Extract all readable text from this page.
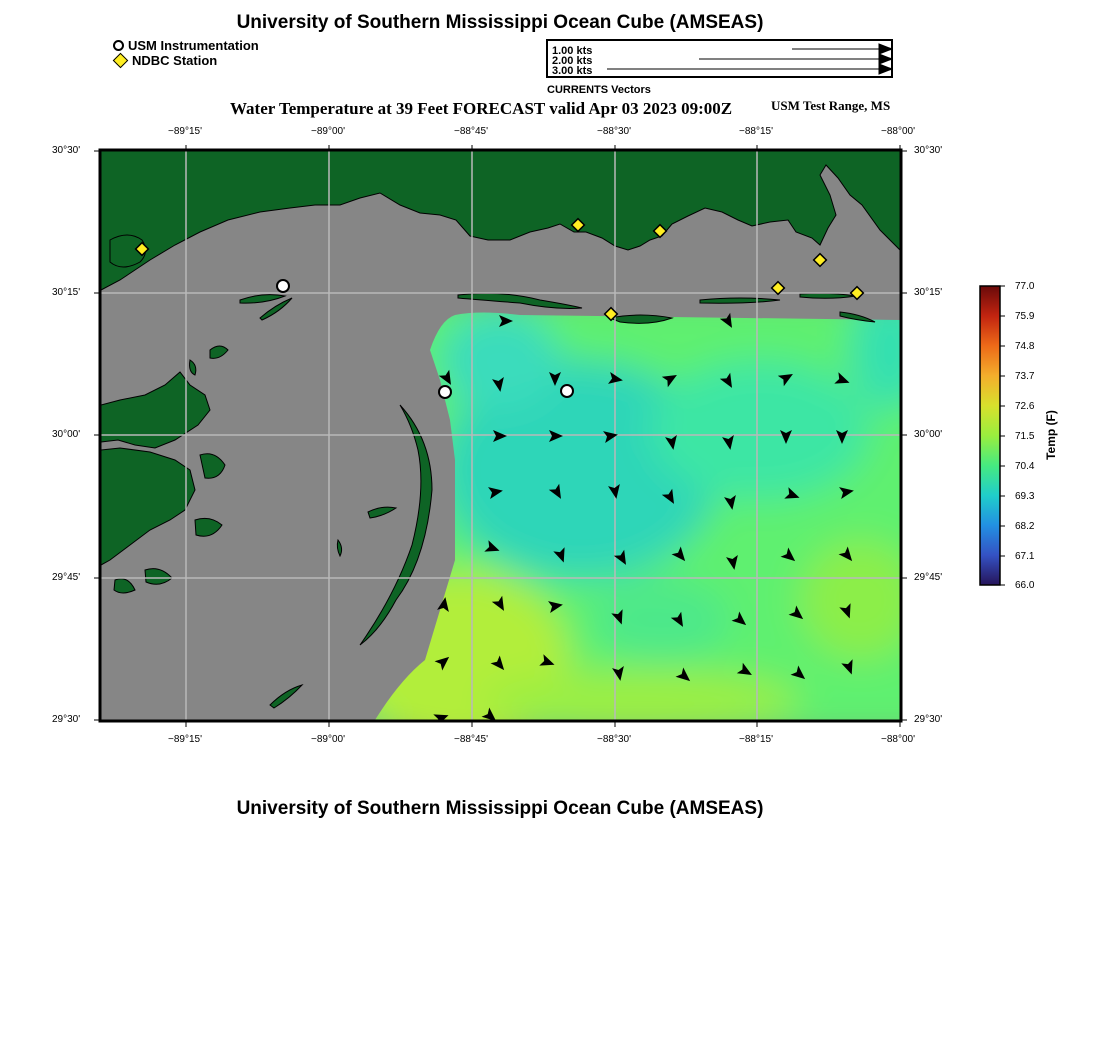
University of Southern Mississippi Ocean Cube (AMSEAS)
USM Instrumentation
NDBC Station
1.00 kts
2.00 kts
3.00 kts
CURRENTS Vectors
Water Temperature at 39 Feet FORECAST valid Apr 03 2023 09:00Z	USM Test Range, MS
−89°15'	−89°00'	−88°45'	−88°30'	−88°15'	−88°00'
−89°15'	−89°00'	−88°45'	−88°30'	−88°15'	−88°00'
30°30'
30°15'
30°00'
29°45'
29°30'
30°30'
30°15'
30°00'
29°45'
29°30'
77.0
75.9
74.8
73.7
72.6
71.5
70.4
69.3
68.2
67.1
66.0
Temp (F)
University of Southern Mississippi Ocean Cube (AMSEAS)
